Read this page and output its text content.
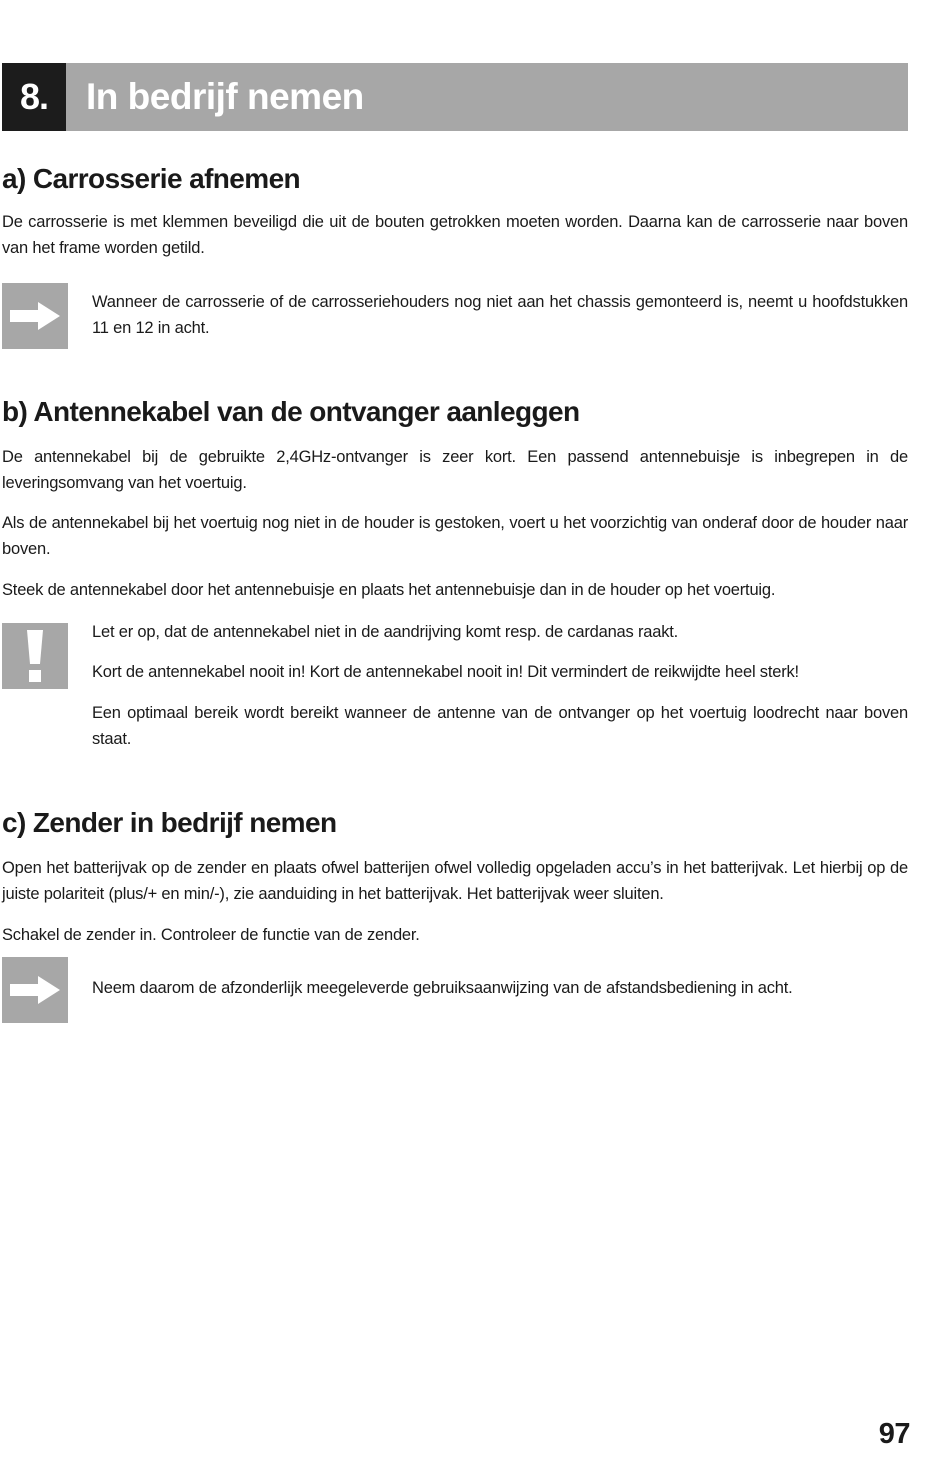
8.	In bedrijf nemen
a) Carrosserie afnemen

De carrosserie is met klemmen beveiligd die uit de bouten getrokken moeten worden. Daarna kan de carrosserie naar boven van het frame worden getild.

Wanneer de carrosserie of de carrosseriehouders nog niet aan het chassis gemonteerd is, neemt u hoofdstukken 11 en 12 in acht.

b) Antennekabel van de ontvanger aanleggen

De antennekabel bij de gebruikte 2,4GHz-ontvanger is zeer kort. Een passend antennebuisje is inbegrepen in de leveringsomvang van het voertuig.

Als de antennekabel bij het voertuig nog niet in de houder is gestoken, voert u het voorzichtig van onderaf door de houder naar boven.

Steek de antennekabel door het antennebuisje en plaats het antennebuisje dan in de houder op het voertuig.

Let er op, dat de antennekabel niet in de aandrijving komt resp. de cardanas raakt.

Kort de antennekabel nooit in! Kort de antennekabel nooit in! Dit vermindert de reikwijdte heel sterk!

Een optimaal bereik wordt bereikt wanneer de antenne van de ontvanger op het voertuig loodrecht naar boven staat.

c) Zender in bedrijf nemen

Open het batterijvak op de zender en plaats ofwel batterijen ofwel volledig opgeladen accu’s in het batterijvak. Let hierbij op de juiste polariteit (plus/+ en min/-), zie aanduiding in het batterijvak. Het batterijvak weer sluiten.

Schakel de zender in. Controleer de functie van de zender.

Neem daarom de afzonderlijk meegeleverde gebruiksaanwijzing van de afstandsbediening in acht.

97
